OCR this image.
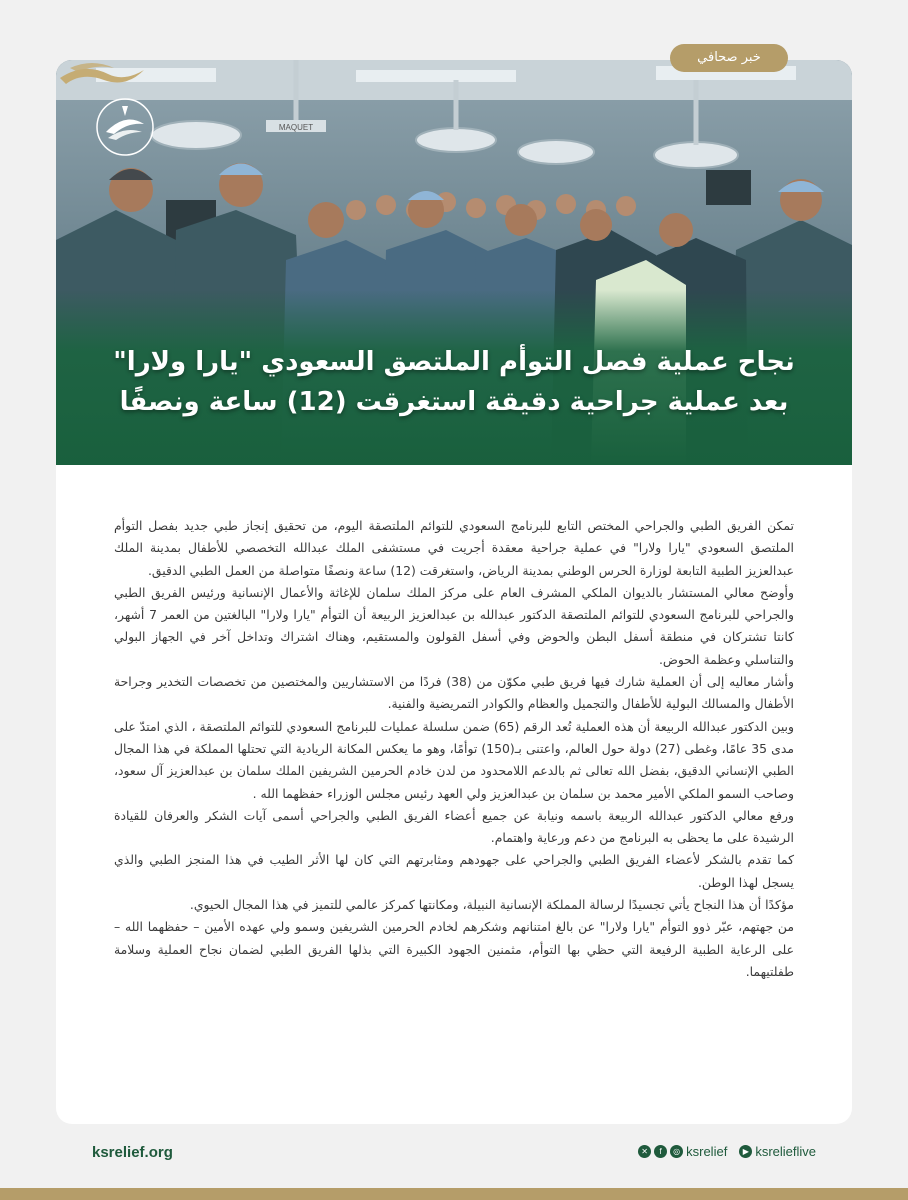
خبر صحافي
MAQUET
نجاح عملية فصل التوأم الملتصق السعودي "يارا ولارا"
بعد عملية جراحية دقيقة استغرقت (12) ساعة ونصفًا

تمكن الفريق الطبي والجراحي المختص التابع للبرنامج السعودي للتوائم الملتصقة اليوم، من تحقيق إنجاز طبي جديد بفصل التوأم الملتصق السعودي "يارا ولارا" في عملية جراحية معقدة أجريت في مستشفى الملك عبدالله التخصصي للأطفال بمدينة الملك عبدالعزيز الطبية التابعة لوزارة الحرس الوطني بمدينة الرياض، واستغرقت (12) ساعة ونصفًا متواصلة من العمل الطبي الدقيق.

وأوضح معالي المستشار بالديوان الملكي المشرف العام على مركز الملك سلمان للإغاثة والأعمال الإنسانية ورئيس الفريق الطبي والجراحي للبرنامج السعودي للتوائم الملتصقة الدكتور عبدالله بن عبدالعزيز الربيعة أن التوأم "يارا ولارا" البالغتين من العمر 7 أشهر، كانتا تشتركان في منطقة أسفل البطن والحوض وفي أسفل القولون والمستقيم، وهناك اشتراك وتداخل آخر في الجهاز البولي والتناسلي وعظمة الحوض.

وأشار معاليه إلى أن العملية شارك فيها فريق طبي مكوّن من (38) فردًا من الاستشاريين والمختصين من تخصصات التخدير وجراحة الأطفال والمسالك البولية للأطفال والتجميل والعظام والكوادر التمريضية والفنية.

وبين الدكتور عبدالله الربيعة أن هذه العملية تُعد الرقم (65) ضمن سلسلة عمليات للبرنامج السعودي للتوائم الملتصقة ، الذي امتدّ على مدى 35 عامًا، وغطى (27) دولة حول العالم، واعتنى بـ(150) توأمًا، وهو ما يعكس المكانة الريادية التي تحتلها المملكة في هذا المجال الطبي الإنساني الدقيق، بفضل الله تعالى ثم بالدعم اللامحدود من لدن خادم الحرمين الشريفين الملك سلمان بن عبدالعزيز آل سعود، وصاحب السمو الملكي الأمير محمد بن سلمان بن عبدالعزيز ولي العهد رئيس مجلس الوزراء حفظهما الله .

ورفع معالي الدكتور عبدالله الربيعة باسمه ونيابة عن جميع أعضاء الفريق الطبي والجراحي أسمى آيات الشكر والعرفان للقيادة الرشيدة على ما يحظى به البرنامج من دعم ورعاية واهتمام.

كما تقدم بالشكر لأعضاء الفريق الطبي والجراحي على جهودهم ومثابرتهم التي كان لها الأثر الطيب في هذا المنجز الطبي والذي يسجل لهذا الوطن.

مؤكدًا أن هذا النجاح يأتي تجسيدًا لرسالة المملكة الإنسانية النبيلة، ومكانتها كمركز عالمي للتميز في هذا المجال الحيوي.

من جهتهم، عبّر ذوو التوأم "يارا ولارا" عن بالغ امتنانهم وشكرهم لخادم الحرمين الشريفين وسمو ولي عهده الأمين – حفظهما الله – على الرعاية الطبية الرفيعة التي حظي بها التوأم، مثمنين الجهود الكبيرة التي بذلها الفريق الطبي لضمان نجاح العملية وسلامة طفلتيهما.

ksrelief.org	✕	f	◎ ksrelief	▶ ksrelieflive
